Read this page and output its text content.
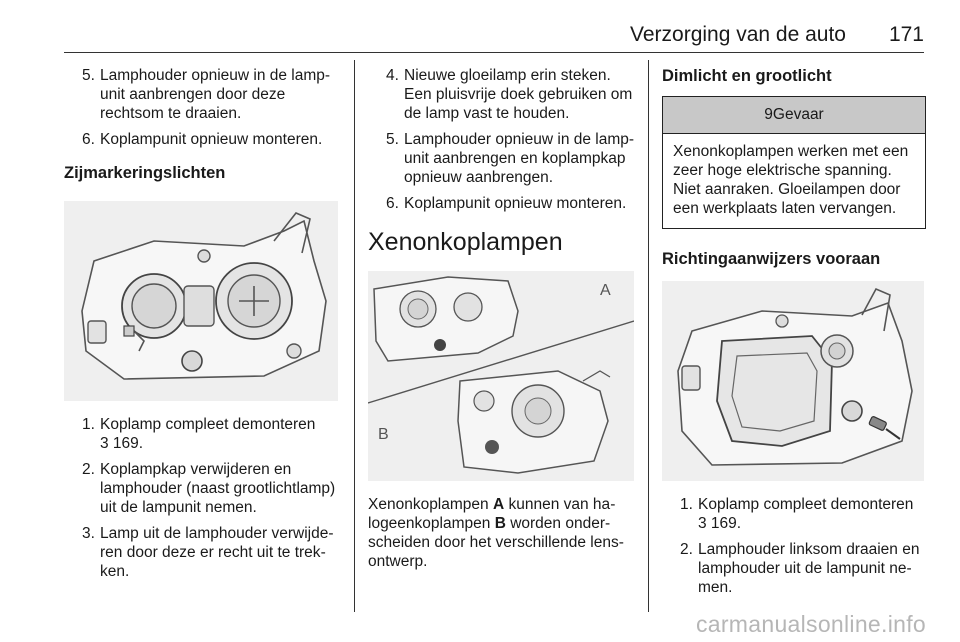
Verzorging van de auto 171
5. Lamphouder opnieuw in de lampunit aanbrengen door deze rechtsom te draaien.
6. Koplampunit opnieuw monteren.
Zijmarkeringslichten
1. Koplamp compleet demonteren
3 169.
2. Koplampkap verwijderen en lamphouder (naast grootlichtlamp) uit de lampunit nemen.
3. Lamp uit de lamphouder verwijderen door deze er recht uit te trekken.
4. Nieuwe gloeilamp erin steken. Een pluisvrije doek gebruiken om de lamp vast te houden.
5. Lamphouder opnieuw in de lampunit aanbrengen en koplampkap opnieuw aanbrengen.
6. Koplampunit opnieuw monteren.
Xenonkoplampen
A
B
Xenonkoplampen A kunnen van halogeenkoplampen B worden onderscheiden door het verschillende lensontwerp.
Dimlicht en grootlicht
9Gevaar
Xenonkoplampen werken met een zeer hoge elektrische spanning. Niet aanraken. Gloeilampen door een werkplaats laten vervangen.
Richtingaanwijzers vooraan
1. Koplamp compleet demonteren
3 169.
2. Lamphouder linksom draaien en lamphouder uit de lampunit nemen.
carmanualsonline.info
